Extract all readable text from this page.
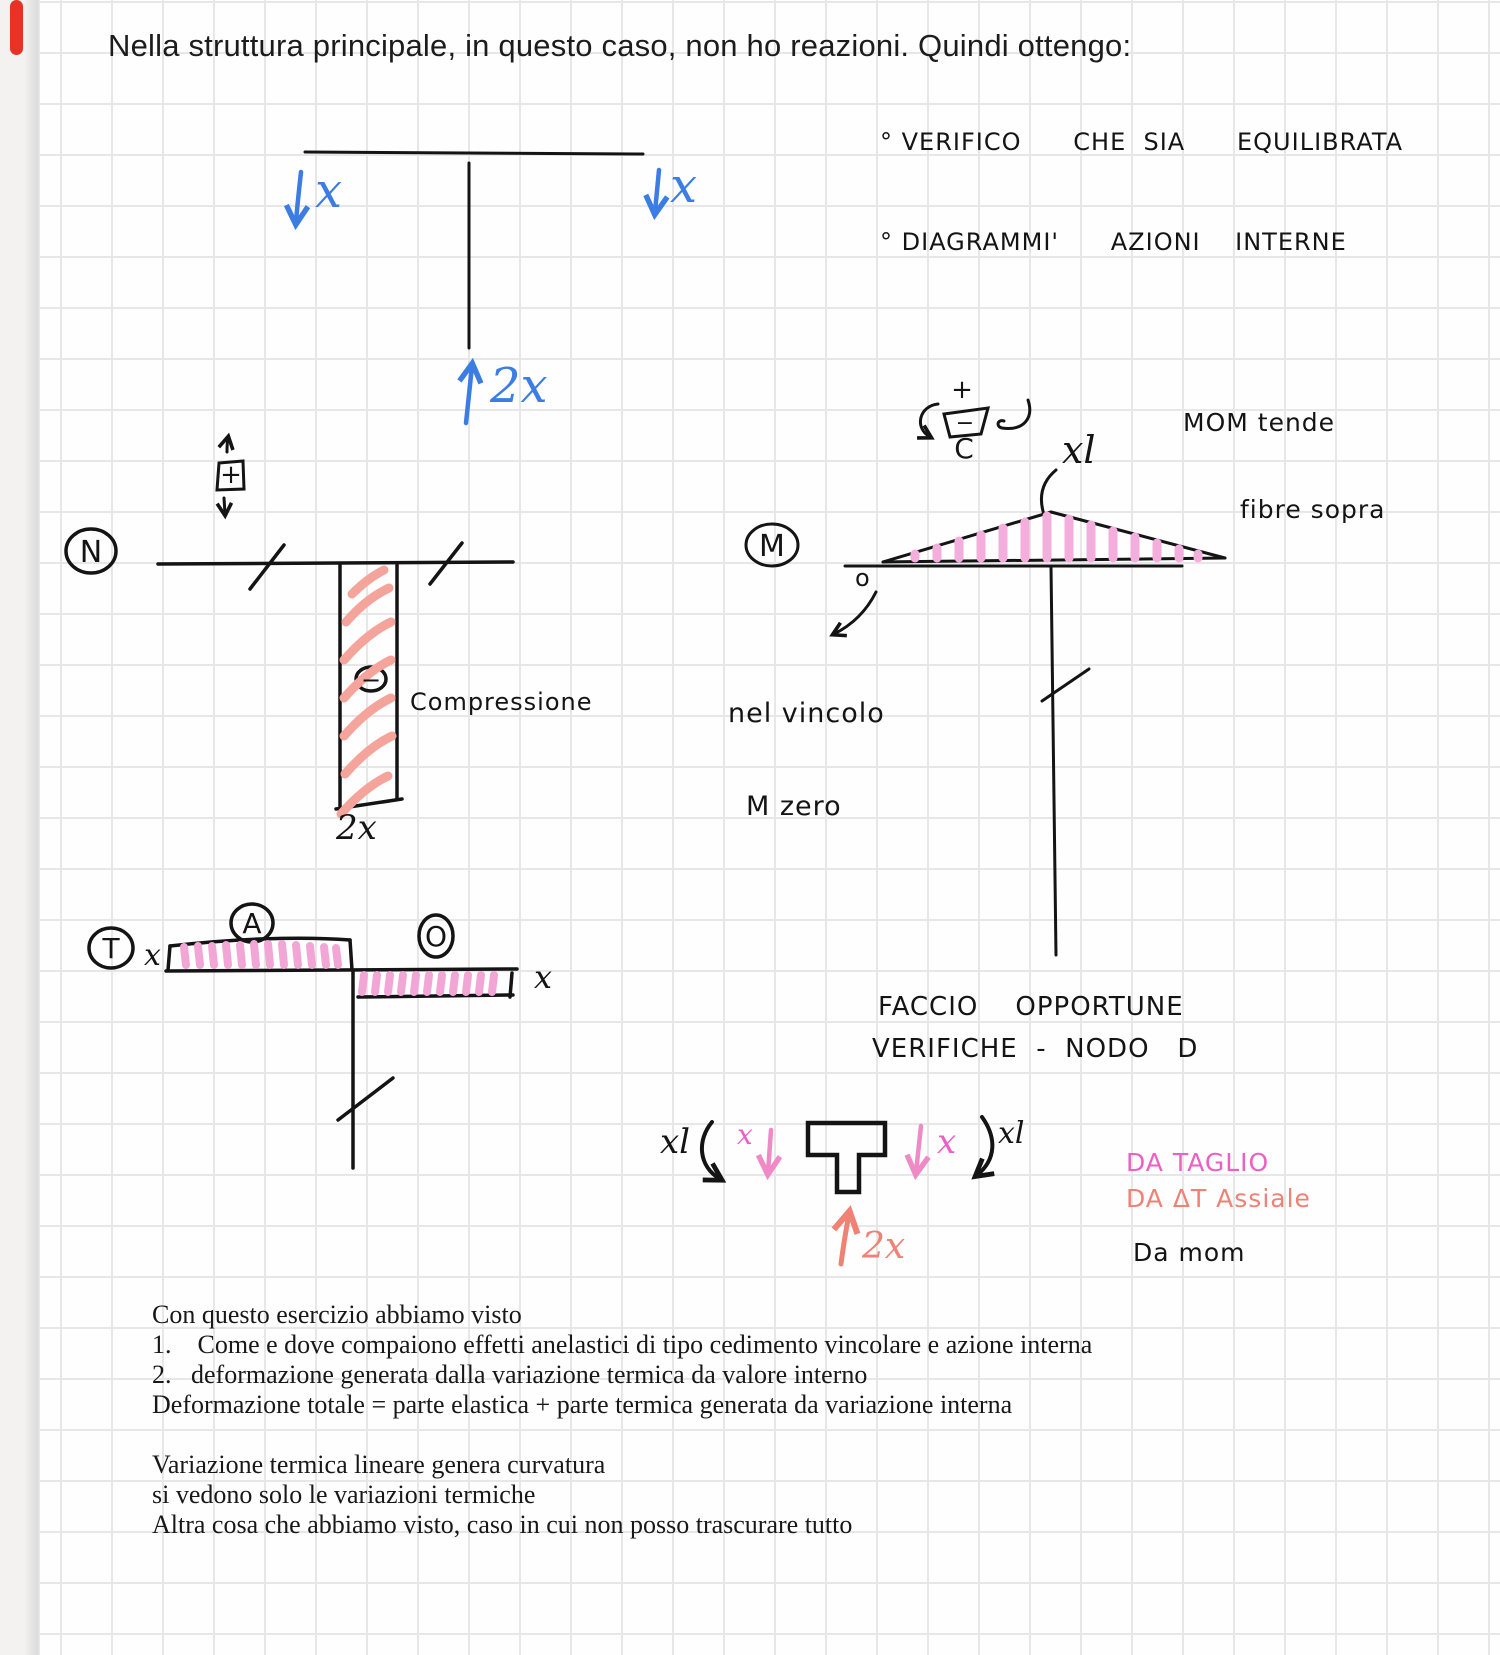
Nella struttura principale, in questo caso, non ho reazioni. Quindi ottengo:
+
N
−
M
+
−
C
T
A	O
° VERIFICO      CHE  SIA      EQUILIBRATA
° DIAGRAMMI'      AZIONI    INTERNE

MOM tende

fibre sopra

nel vincolo

M zero

Compressione
FACCIO    OPPORTUNE
VERIFICHE  -  NODO   D
DA TAGLIO
DA ΔT Assiale
Da mom
o
x	x
2x
2x
x
x
xl
xl	xl
x	x
2x
Con questo esercizio abbiamo visto
1.    Come e dove compaiono effetti anelastici di tipo cedimento vincolare e azione interna
2.   deformazione generata dalla variazione termica da valore interno
Deformazione totale = parte elastica + parte termica generata da variazione interna
Variazione termica lineare genera curvatura
si vedono solo le variazioni termiche
Altra cosa che abbiamo visto, caso in cui non posso trascurare tutto
